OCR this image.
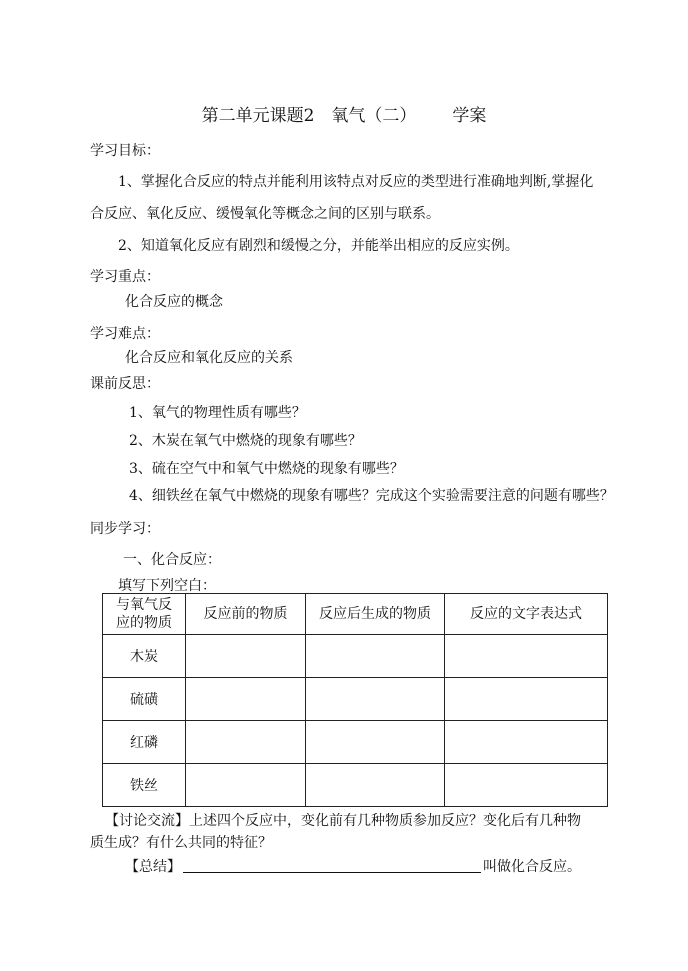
第二单元课题2　氧气（二） 学案
学习目标：
1、掌握化合反应的特点并能利用该特点对反应的类型进行准确地判断,掌握化
合反应、氧化反应、缓慢氧化等概念之间的区别与联系。
2、知道氧化反应有剧烈和缓慢之分，并能举出相应的反应实例。
学习重点：
化合反应的概念
学习难点：
化合反应和氧化反应的关系
课前反思：
1、氧气的物理性质有哪些？
2、木炭在氧气中燃烧的现象有哪些？
3、硫在空气中和氧气中燃烧的现象有哪些？
4、细铁丝在氧气中燃烧的现象有哪些？完成这个实验需要注意的问题有哪些？
同步学习：
一、化合反应：
填写下列空白：
与氧气反
应的物质	反应前的物质	反应后生成的物质	反应的文字表达式
木炭			
硫磺			
红磷			
铁丝			
【讨论交流】上述四个反应中，变化前有几种物质参加反应？变化后有几种物
质生成？有什么共同的特征？
【总结】	叫做化合反应。
